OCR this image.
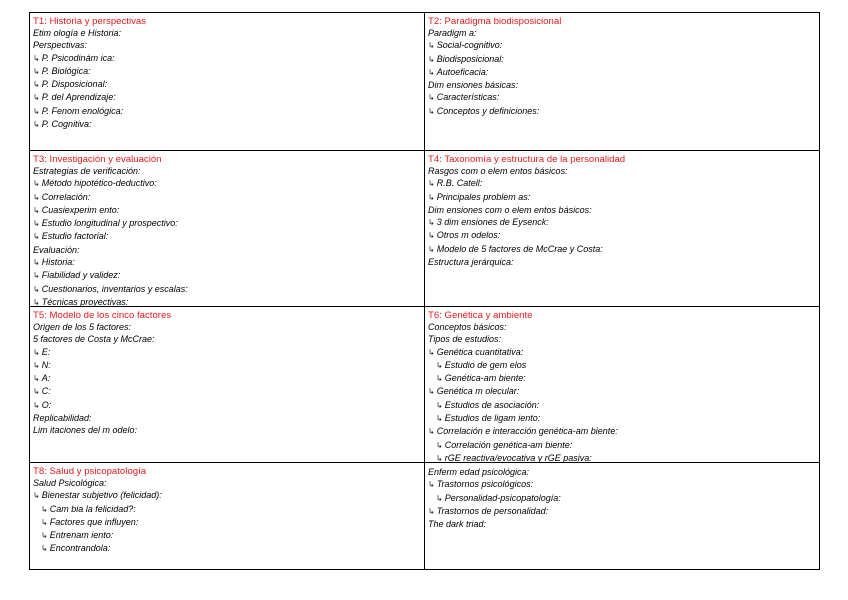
T1: Historia y perspectivas
Etim ología e Historia:
Perspectivas:
↳ P. Psicodinám ica:
↳ P. Biológica:
↳ P. Disposicional:
↳ P. del Aprendizaje:
↳ P. Fenom enológica:
↳ P. Cognitiva:
T2: Paradigma biodisposicional
Paradigm a:
↳ Social-cognitivo:
↳ Biodisposicional:
↳ Autoeficacia:
Dim ensiones básicas:
↳ Características:
↳ Conceptos y definiciones:
T3: Investigación y evaluación
Estrategias de verificación:
↳ Método hipotético-deductivo:
↳ Correlación:
↳ Cuasiexperim ento:
↳ Estudio longitudinal y prospectivo:
↳ Estudio factorial:
Evaluación:
↳ Historia:
↳ Fiabilidad y validez:
↳ Cuestionarios, inventarios y escalas:
↳ Técnicas proyectivas:
T4: Taxonomía y estructura de la personalidad
Rasgos com o elem entos básicos:
↳ R.B. Catell:
↳ Principales problem as:
Dim ensiones com o elem entos básicos:
↳ 3 dim ensiones de Eysenck:
↳ Otros m odelos:
↳ Modelo de 5 factores de McCrae y Costa:
Estructura jerárquica:
T5: Modelo de los cinco factores
Origen de los 5 factores:
5 factores de Costa y McCrae:
↳ E:
↳ N:
↳ A:
↳ C:
↳ O:
Replicabilidad:
Lim itaciones del m odelo:
T6: Genética y ambiente
Conceptos básicos:
Tipos de estudios:
↳ Genética cuantitativa:
↳ Estudio de gem elos
↳ Genética-am biente:
↳ Genética m olecular:
↳ Estudios de asociación:
↳ Estudios de ligam iento:
↳ Correlación e interacción genética-am biente:
↳ Correlación genética-am biente:
↳ rGE reactiva/evocativa y rGE pasiva:
T8: Salud y psicopatología
Salud Psicológica:
↳ Bienestar subjetivo (felicidad):
↳ Cam bia la felicidad?:
↳ Factores que influyen:
↳ Entrenam iento:
↳ Encontrandola:
Enferm edad psicológica:
↳ Trastornos psicológicos:
↳ Personalidad-psicopatología:
↳ Trastornos de personalidad:
The dark triad:
